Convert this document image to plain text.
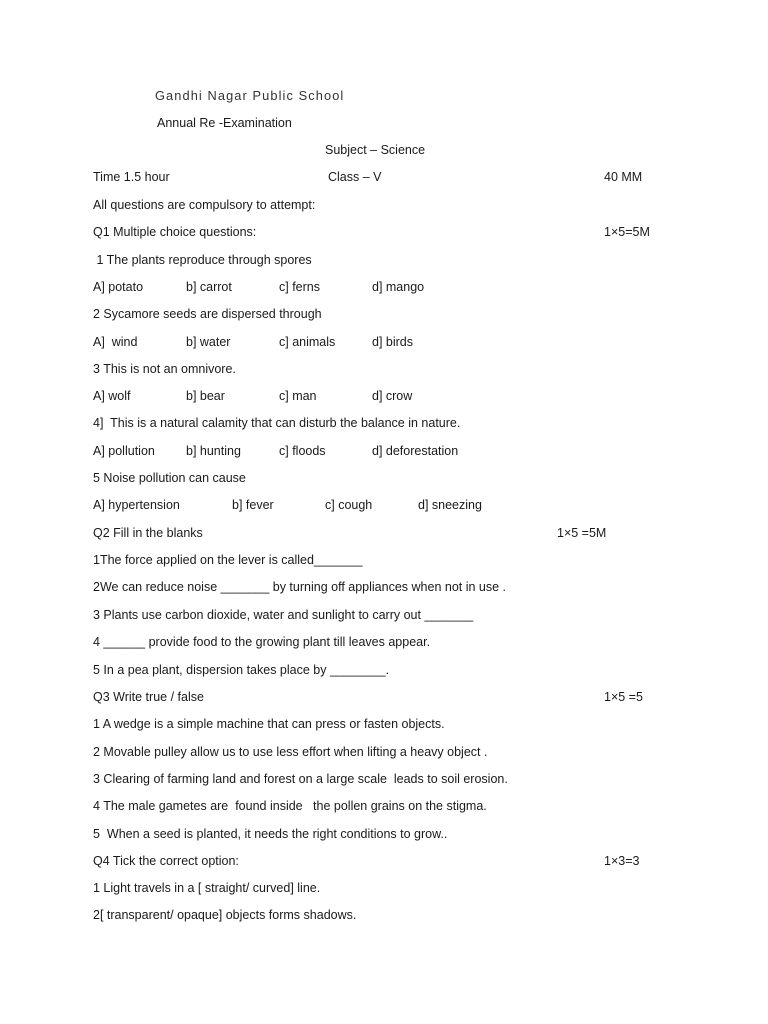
Gandhi Nagar Public School

Annual Re -Examination

Subject – Science

Time 1.5 hour

	Class – V

	40 MM

All questions are compulsory to attempt:

Q1 Multiple choice questions:

	1×5=5M

1 The plants reproduce through spores

A] potato

	b] carrot

	c] ferns

	d] mango

2 Sycamore seeds are dispersed through

A]  wind

	b] water

	c] animals

	d] birds

3 This is not an omnivore.

A] wolf

	b] bear

	c] man

	d] crow

4]  This is a natural calamity that can disturb the balance in nature.

A] pollution

b] hunting

	c] floods

	d] deforestation

5 Noise pollution can cause

A] hypertension

	b] fever

	c] cough

	d] sneezing

Q2 Fill in the blanks

	1×5 =5M

1The force applied on the lever is called_______

2We can reduce noise _______ by turning off appliances when not in use .

3 Plants use carbon dioxide, water and sunlight to carry out _______

4 ______ provide food to the growing plant till leaves appear.

5 In a pea plant, dispersion takes place by ________.

Q3 Write true / false

	1×5 =5

1 A wedge is a simple machine that can press or fasten objects.

2 Movable pulley allow us to use less effort when lifting a heavy object .

3 Clearing of farming land and forest on a large scale  leads to soil erosion.

4 The male gametes are  found inside   the pollen grains on the stigma.

5  When a seed is planted, it needs the right conditions to grow..

Q4 Tick the correct option:

	1×3=3

1 Light travels in a [ straight/ curved] line.

2[ transparent/ opaque] objects forms shadows.
